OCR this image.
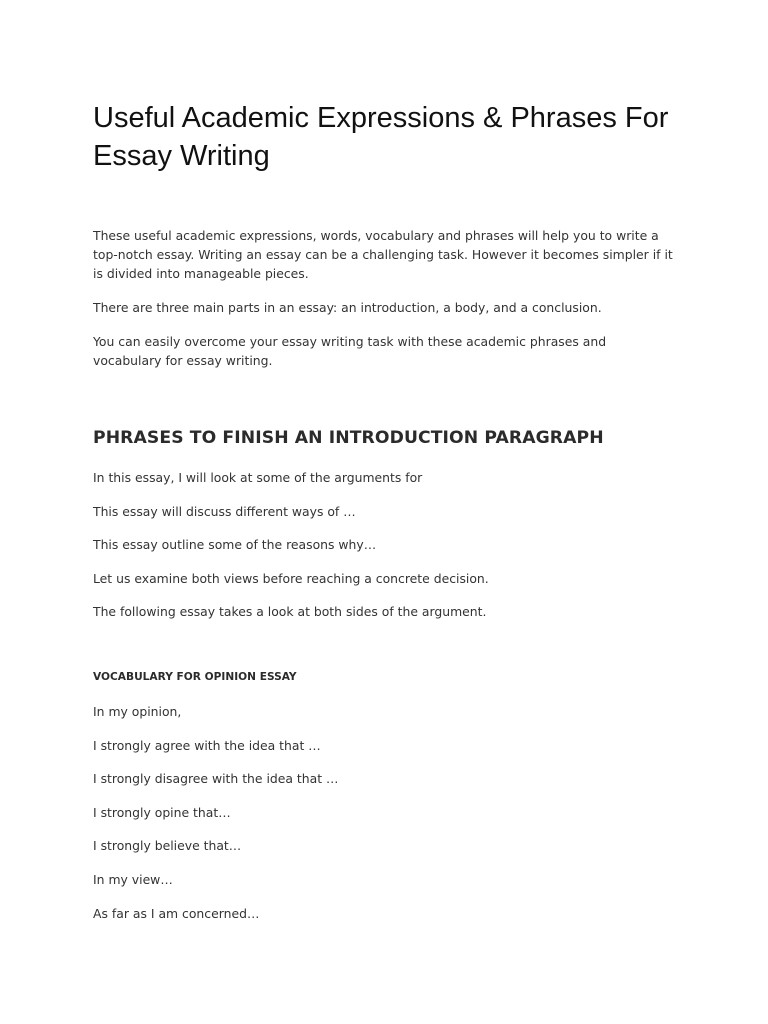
Useful Academic Expressions & Phrases For Essay Writing

These useful academic expressions, words, vocabulary and phrases will help you to write a top-notch essay. Writing an essay can be a challenging task. However it becomes simpler if it is divided into manageable pieces.

There are three main parts in an essay: an introduction, a body, and a conclusion.

You can easily overcome your essay writing task with these academic phrases and vocabulary for essay writing.

PHRASES TO FINISH AN INTRODUCTION PARAGRAPH
In this essay, I will look at some of the arguments for
This essay will discuss different ways of …
This essay outline some of the reasons why…
Let us examine both views before reaching a concrete decision.
The following essay takes a look at both sides of the argument.
VOCABULARY FOR OPINION ESSAY
In my opinion,
I strongly agree with the idea that …
I strongly disagree with the idea that …
I strongly opine that…
I strongly believe that…
In my view…
As far as I am concerned…
